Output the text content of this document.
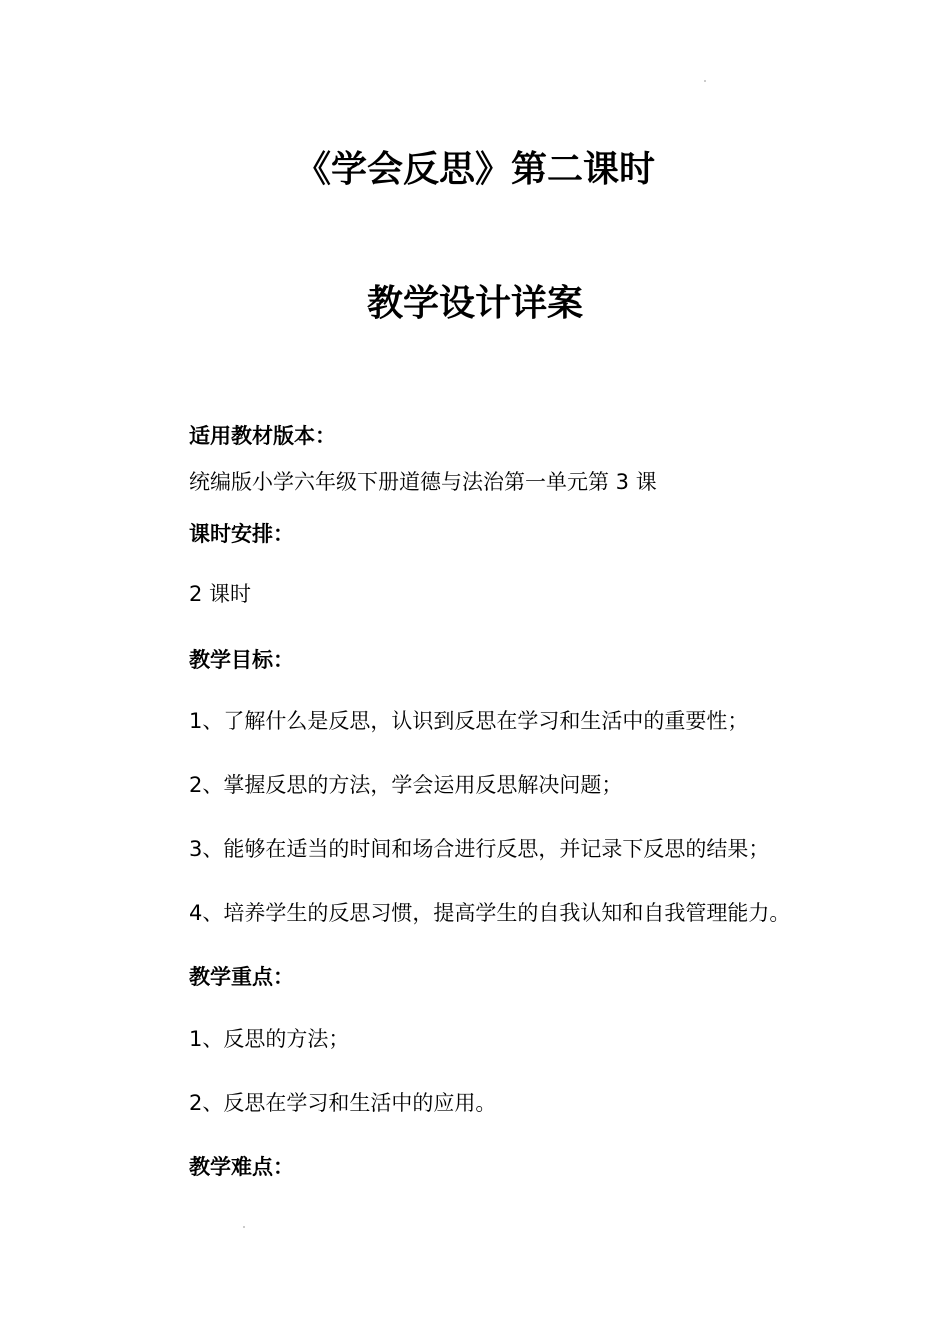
《学会反思》第二课时
教学设计详案
适用教材版本：

统编版小学六年级下册道德与法治第一单元第 3 课

课时安排：

2 课时

教学目标：

1、了解什么是反思，认识到反思在学习和生活中的重要性；

2、掌握反思的方法，学会运用反思解决问题；

3、能够在适当的时间和场合进行反思，并记录下反思的结果；

4、培养学生的反思习惯，提高学生的自我认知和自我管理能力。

教学重点：

1、反思的方法；

2、反思在学习和生活中的应用。

教学难点：
